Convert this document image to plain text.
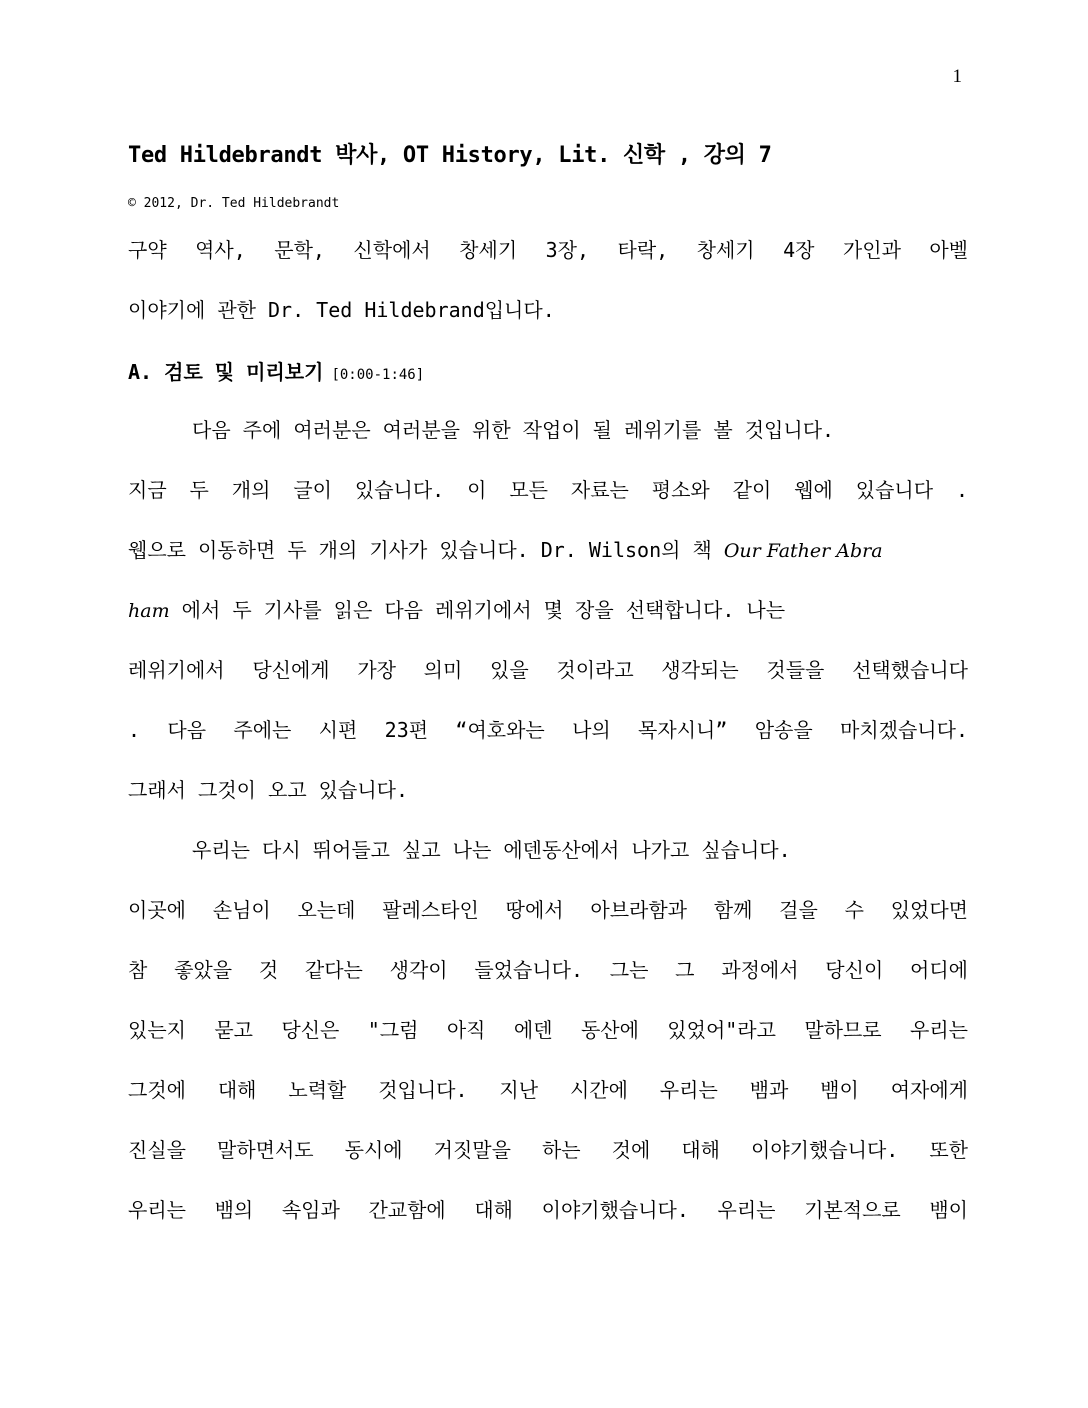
1
Ted Hildebrandt 박사, OT History, Lit. 신학 , 강의 7
© 2012, Dr. Ted Hildebrandt
구약 역사, 문학, 신학에서 창세기 3장, 타락, 창세기 4장 가인과 아벨
이야기에 관한 Dr. Ted Hildebrand입니다.
A. 검토 및 미리보기 [0:00-1:46]
다음 주에 여러분은 여러분을 위한 작업이 될 레위기를 볼 것입니다.
지금 두 개의 글이 있습니다. 이 모든 자료는 평소와 같이 웹에 있습니다 .
웹으로 이동하면 두 개의 기사가 있습니다. Dr. Wilson의 책 Our Father Abra
ham 에서 두 기사를 읽은 다음 레위기에서 몇 장을 선택합니다. 나는
레위기에서 당신에게 가장 의미 있을 것이라고 생각되는 것들을 선택했습니다
. 다음 주에는 시편 23편 “여호와는 나의 목자시니” 암송을 마치겠습니다.
그래서 그것이 오고 있습니다.
우리는 다시 뛰어들고 싶고 나는 에덴동산에서 나가고 싶습니다.
이곳에 손님이 오는데 팔레스타인 땅에서 아브라함과 함께 걸을 수 있었다면
참 좋았을 것 같다는 생각이 들었습니다. 그는 그 과정에서 당신이 어디에
있는지 묻고 당신은 "그럼 아직 에덴 동산에 있었어"라고 말하므로 우리는
그것에 대해 노력할 것입니다. 지난 시간에 우리는 뱀과 뱀이 여자에게
진실을 말하면서도 동시에 거짓말을 하는 것에 대해 이야기했습니다. 또한
우리는 뱀의 속임과 간교함에 대해 이야기했습니다. 우리는 기본적으로 뱀이
